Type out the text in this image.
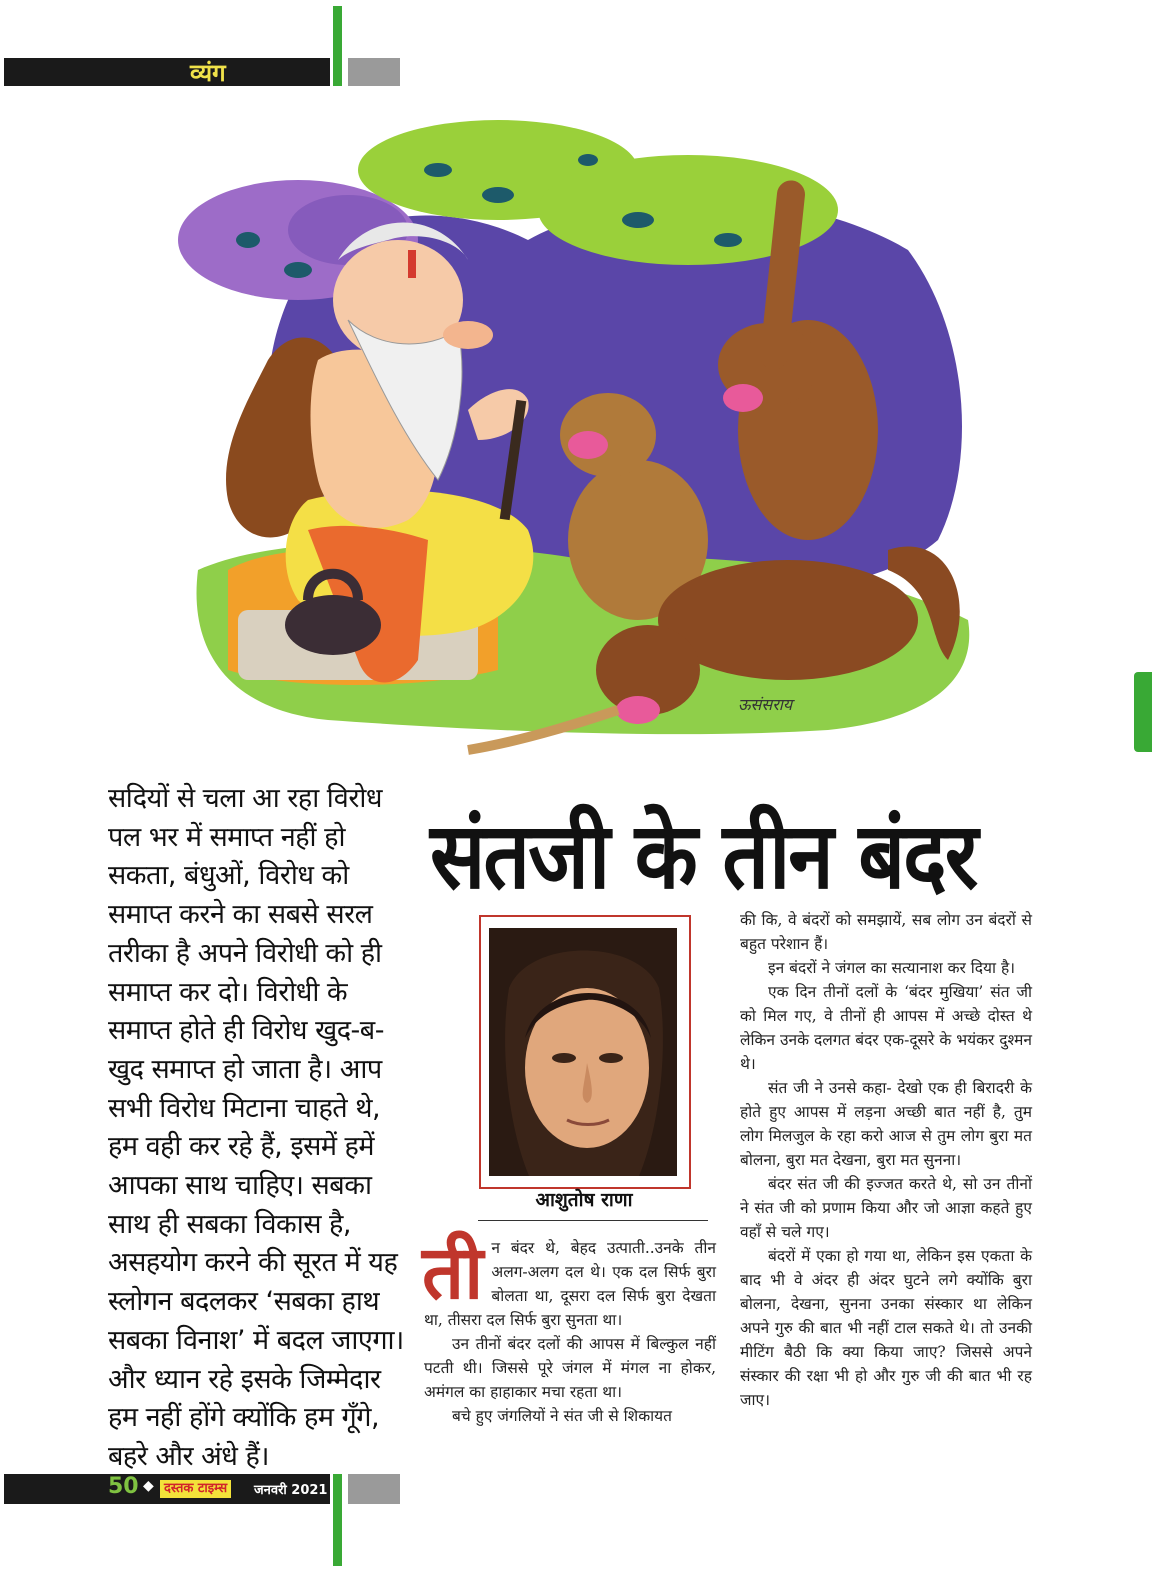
व्यंग
ऊसंसराय
सदियों से चला आ रहा विरोध पल भर में समाप्त नहीं हो सकता, बंधुओं, विरोध को समाप्त करने का सबसे सरल तरीका है अपने विरोधी को ही समाप्त कर दो। विरोधी के समाप्त होते ही विरोध खुद-ब-खुद समाप्त हो जाता है। आप सभी विरोध मिटाना चाहते थे, हम वही कर रहे हैं, इसमें हमें आपका साथ चाहिए। सबका साथ ही सबका विकास है, असहयोग करने की सूरत में यह स्लोगन बदलकर ‘सबका हाथ सबका विनाश’ में बदल जाएगा। और ध्यान रहे इसके जिम्मेदार हम नहीं होंगे क्योंकि हम गूँगे, बहरे और अंधे हैं।
संतजी के तीन बंदर
आशुतोष राणा

तीन बंदर थे, बेहद उत्पाती..उनके तीन अलग-अलग दल थे। एक दल सिर्फ बुरा बोलता था, दूसरा दल सिर्फ बुरा देखता था, तीसरा दल सिर्फ बुरा सुनता था।

उन तीनों बंदर दलों की आपस में बिल्कुल नहीं पटती थी। जिससे पूरे जंगल में मंगल ना होकर, अमंगल का हाहाकार मचा रहता था।

बचे हुए जंगलियों ने संत जी से शिकायत

की कि, वे बंदरों को समझायें, सब लोग उन बंदरों से बहुत परेशान हैं।

इन बंदरों ने जंगल का सत्यानाश कर दिया है।

एक दिन तीनों दलों के ‘बंदर मुखिया’ संत जी को मिल गए, वे तीनों ही आपस में अच्छे दोस्त थे लेकिन उनके दलगत बंदर एक-दूसरे के भयंकर दुश्मन थे।

संत जी ने उनसे कहा- देखो एक ही बिरादरी के होते हुए आपस में लड़ना अच्छी बात नहीं है, तुम लोग मिलजुल के रहा करो आज से तुम लोग बुरा मत बोलना, बुरा मत देखना, बुरा मत सुनना।

बंदर संत जी की इज्जत करते थे, सो उन तीनों ने संत जी को प्रणाम किया और जो आज्ञा कहते हुए वहाँ से चले गए।

बंदरों में एका हो गया था, लेकिन इस एकता के बाद भी वे अंदर ही अंदर घुटने लगे क्योंकि बुरा बोलना, देखना, सुनना उनका संस्कार था लेकिन अपने गुरु की बात भी नहीं टाल सकते थे। तो उनकी मीटिंग बैठी कि क्या किया जाए? जिससे अपने संस्कार की रक्षा भी हो और गुरु जी की बात भी रह जाए।

50 ◆ दस्तक टाइम्स	जनवरी 2021
